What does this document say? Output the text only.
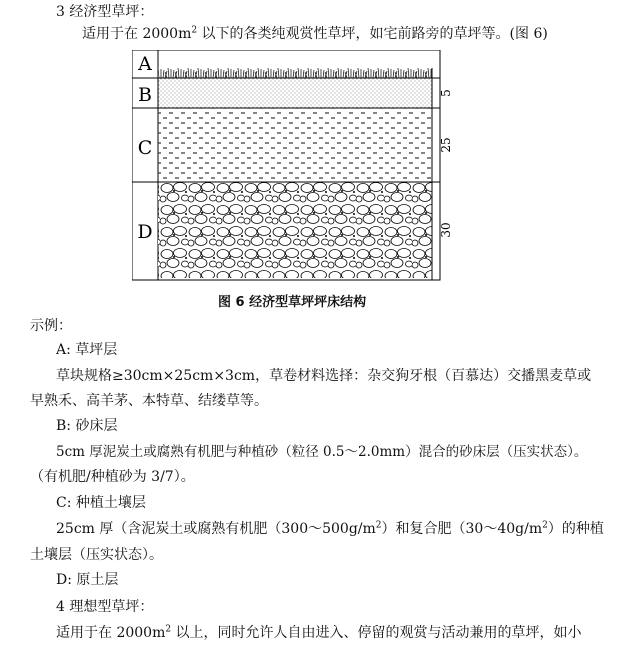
3 经济型草坪：
适用于在 $2000m^2$ 以下的各类纯观赏性草坪，如宅前路旁的草坪等。(图 6)
A
B
C
D
5
25
30
图 6 经济型草坪坪床结构
示例：
A: 草坪层
草块规格≥30cm×25cm×3cm，草卷材料选择：杂交狗牙根（百慕达）交播黑麦草或
早熟禾、高羊茅、本特草、结缕草等。
B: 砂床层
5cm 厚泥炭土或腐熟有机肥与种植砂（粒径 0.5～2.0mm）混合的砂床层（压实状态）。
（有机肥/种植砂为 3/7）。
C: 种植土壤层
25cm 厚（含泥炭土或腐熟有机肥$(300\sim 500g/m^2)$和复合肥$(30\sim 40g/m^2)$的种植
土壤层（压实状态）。
D: 原土层
4 理想型草坪：
适用于在 $2000m^2$ 以上，同时允许人自由进入、停留的观赏与活动兼用的草坪，如小
